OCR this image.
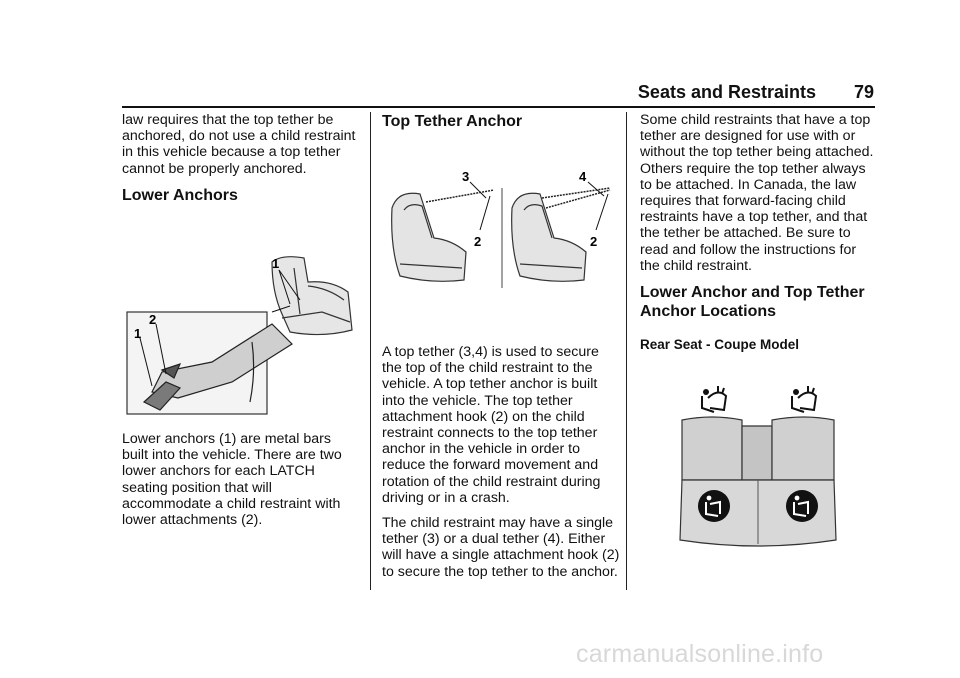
Seats and Restraints 79

law requires that the top tether be anchored, do not use a child restraint in this vehicle because a top tether cannot be properly anchored.

Lower Anchors
1
2
1

Lower anchors (1) are metal bars built into the vehicle. There are two lower anchors for each LATCH seating position that will accommodate a child restraint with lower attachments (2).

Top Tether Anchor
3
2
4
2

A top tether (3,4) is used to secure the top of the child restraint to the vehicle. A top tether anchor is built into the vehicle. The top tether attachment hook (2) on the child restraint connects to the top tether anchor in the vehicle in order to reduce the forward movement and rotation of the child restraint during driving or in a crash.

The child restraint may have a single tether (3) or a dual tether (4). Either will have a single attachment hook (2) to secure the top tether to the anchor.

Some child restraints that have a top tether are designed for use with or without the top tether being attached. Others require the top tether always to be attached. In Canada, the law requires that forward-facing child restraints have a top tether, and that the tether be attached. Be sure to read and follow the instructions for the child restraint.

Lower Anchor and Top Tether Anchor Locations
Rear Seat - Coupe Model
carmanualsonline.info
